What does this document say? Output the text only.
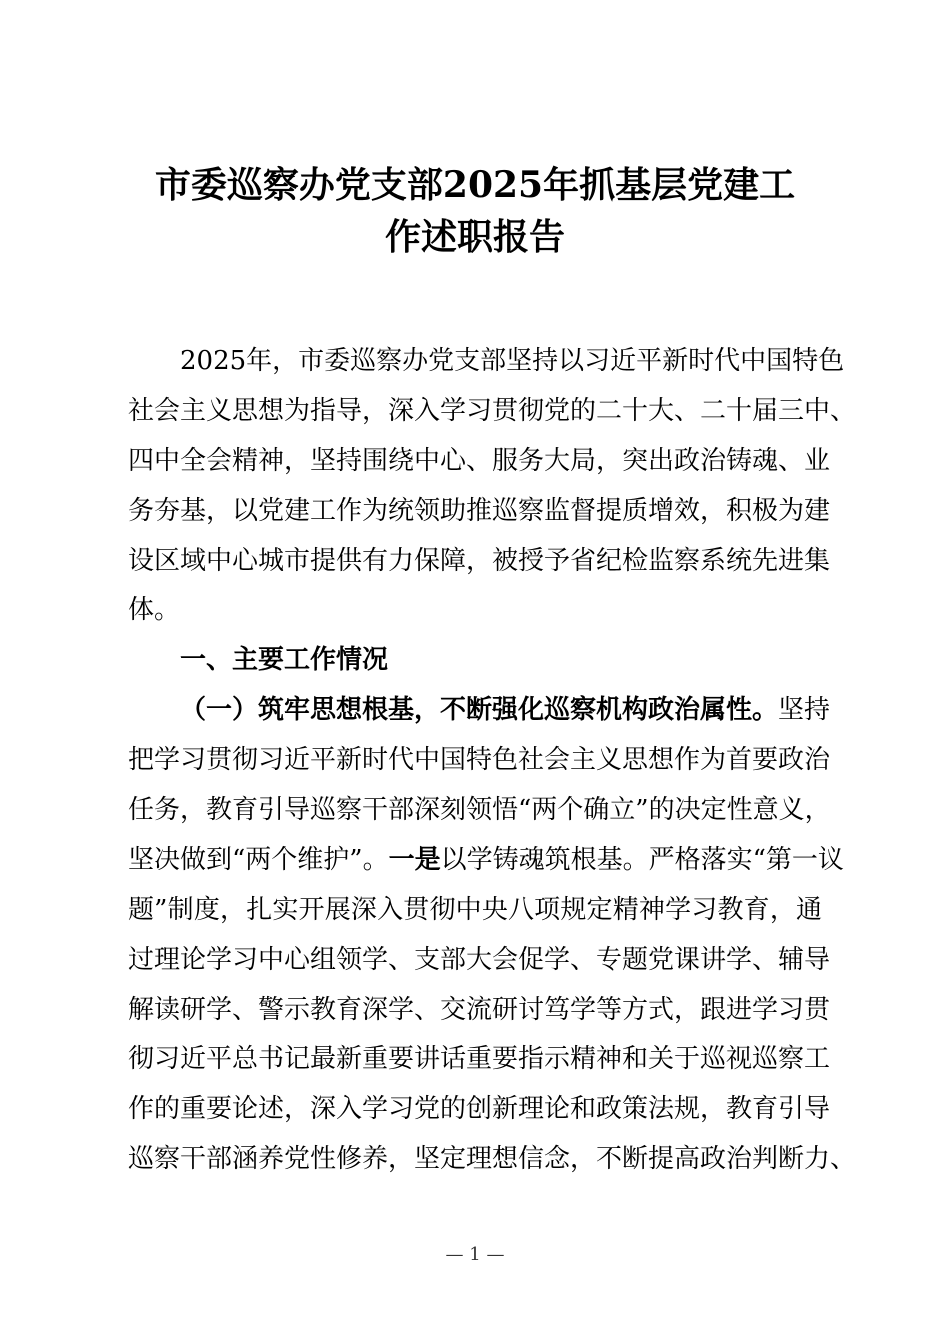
市委巡察办党支部2025年抓基层党建工
作述职报告
2025年，市委巡察办党支部坚持以习近平新时代中国特色
社会主义思想为指导，深入学习贯彻党的二十大、二十届三中、
四中全会精神，坚持围绕中心、服务大局，突出政治铸魂、业
务夯基，以党建工作为统领助推巡察监督提质增效，积极为建
设区域中心城市提供有力保障，被授予省纪检监察系统先进集
体。
一、主要工作情况
（一）筑牢思想根基，不断强化巡察机构政治属性。坚持
把学习贯彻习近平新时代中国特色社会主义思想作为首要政治
任务，教育引导巡察干部深刻领悟“两个确立”的决定性意义，
坚决做到“两个维护”。一是以学铸魂筑根基。严格落实“第一议
题”制度，扎实开展深入贯彻中央八项规定精神学习教育，通
过理论学习中心组领学、支部大会促学、专题党课讲学、辅导
解读研学、警示教育深学、交流研讨笃学等方式，跟进学习贯
彻习近平总书记最新重要讲话重要指示精神和关于巡视巡察工
作的重要论述，深入学习党的创新理论和政策法规，教育引导
巡察干部涵养党性修养，坚定理想信念，不断提高政治判断力、
— 1 —
